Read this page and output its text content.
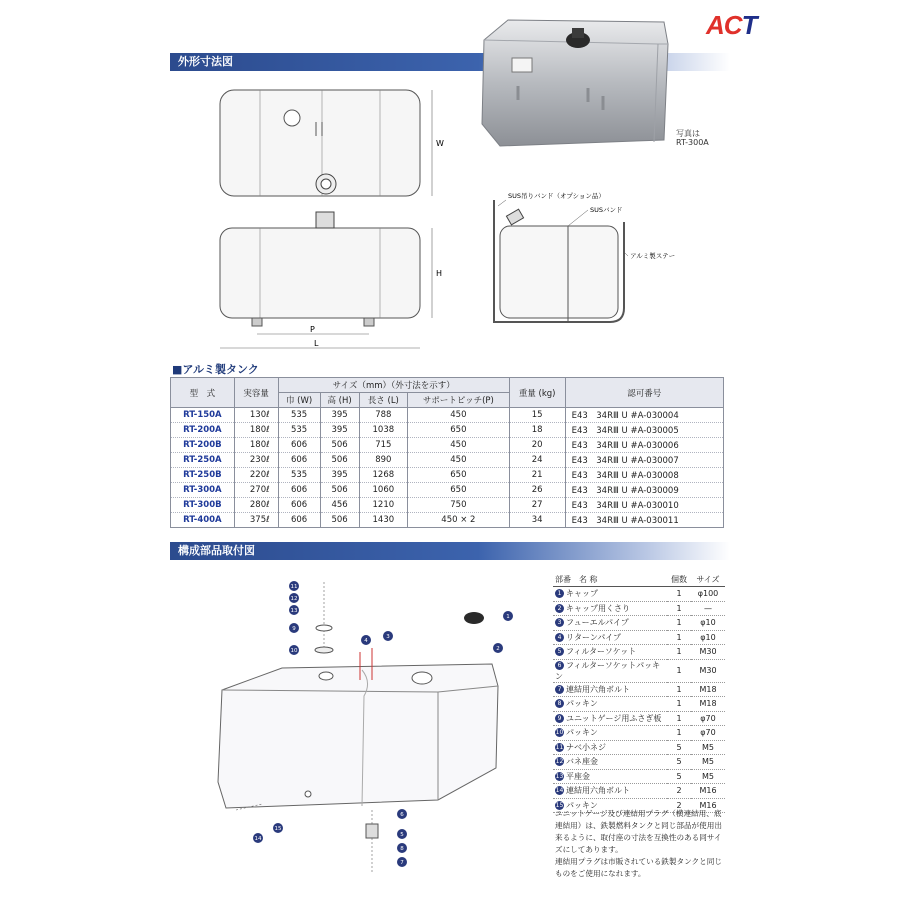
ACT
外形寸法図
写真は
RT-300A
W
H
P
L
SUS吊りバンド（オプション品）
SUSバンド
アルミ製ステー
■アルミ製タンク
型　式	実容量	サイズ（mm）（外寸法を示す）				重量 (kg)	認可番号
		巾 (W)	高 (H)	長さ (L)	サポートピッチ(P)		
RT-150A	130ℓ	535	395	788	450	15	E43　34RⅢ U #A-030004
RT-200A	180ℓ	535	395	1038	650	18	E43　34RⅢ U #A-030005
RT-200B	180ℓ	606	506	715	450	20	E43　34RⅢ U #A-030006
RT-250A	230ℓ	606	506	890	450	24	E43　34RⅢ U #A-030007
RT-250B	220ℓ	535	395	1268	650	21	E43　34RⅢ U #A-030008
RT-300A	270ℓ	606	506	1060	650	26	E43　34RⅢ U #A-030009
RT-300B	280ℓ	606	456	1210	750	27	E43　34RⅢ U #A-030010
RT-400A	375ℓ	606	506	1430	450 × 2	34	E43　34RⅢ U #A-030011
構成部品取付図
11
12
13
9
10
4
3
1
2
6
5
8
7
14
15
部番　名 称	個数	サイズ
1 キャップ	1	φ100
2 キャップ用くさり	1	—
3 フューエルパイプ	1	φ10
4 リターンパイプ	1	φ10
5 フィルターソケット	1	M30
6 フィルターソケットパッキン	1	M30
7 連結用六角ボルト	1	M18
8 パッキン	1	M18
9 ユニットゲージ用ふさぎ板	1	φ70
10 パッキン	1	φ70
11 ナベ小ネジ	5	M5
12 バネ座金	5	M5
13 平座金	5	M5
14 連結用六角ボルト	2	M16
15 パッキン	2	M16

ユニットゲージ及び連結用プラグ（横連結用、底連結用）は、鉄製燃料タンクと同じ部品が使用出来るように、取付座の寸法を互換性のある同サイズにしてあります。

連結用プラグは市販されている鉄製タンクと同じものをご使用になれます。
